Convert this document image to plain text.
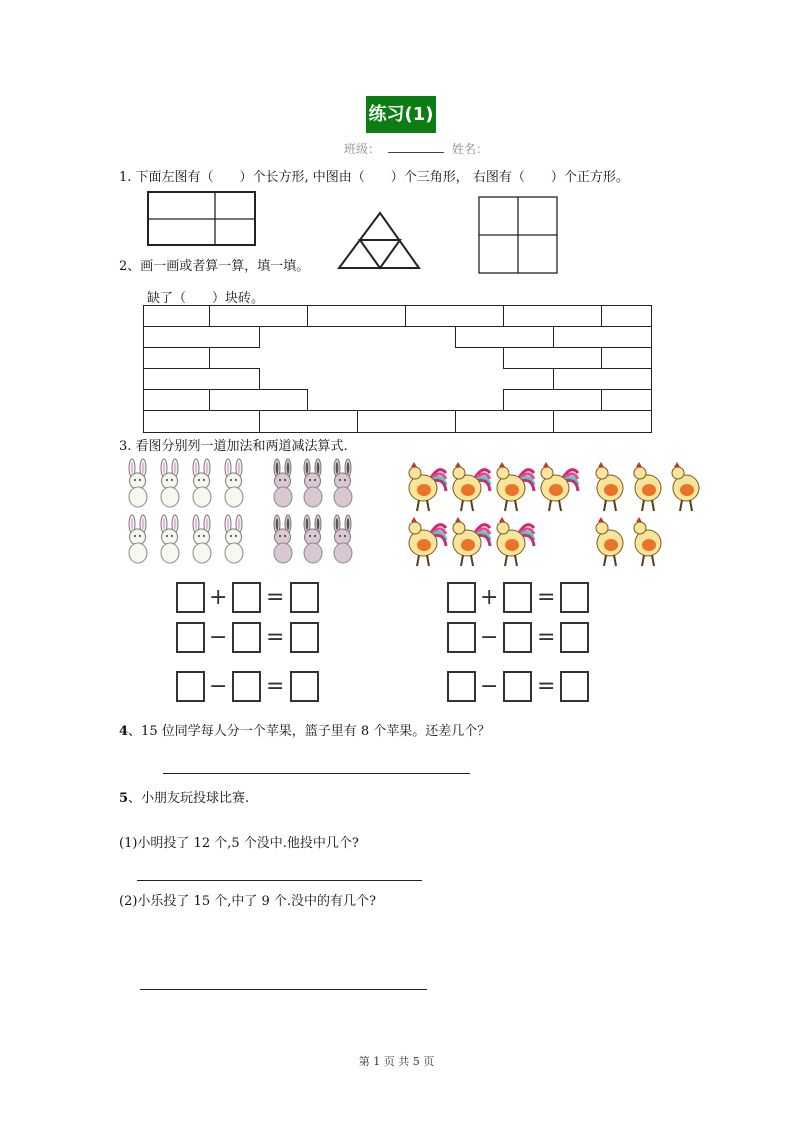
练习(1)
班级：	姓名：
1. 下面左图有（　　）个长方形, 中图由（　　）个三角形， 右图有（　　）个正方形。
2、画一画或者算一算，填一填。
缺了（　　）块砖。
3. 看图分别列一道加法和两道减法算式.
+ =
− =
− =
+ =
− =
− =
4、15 位同学每人分一个苹果，篮子里有 8 个苹果。还差几个？
5、小朋友玩投球比赛.
(1)小明投了 12 个,5 个没中.他投中几个?
(2)小乐投了 15 个,中了 9 个.没中的有几个?
第 1 页 共 5 页
